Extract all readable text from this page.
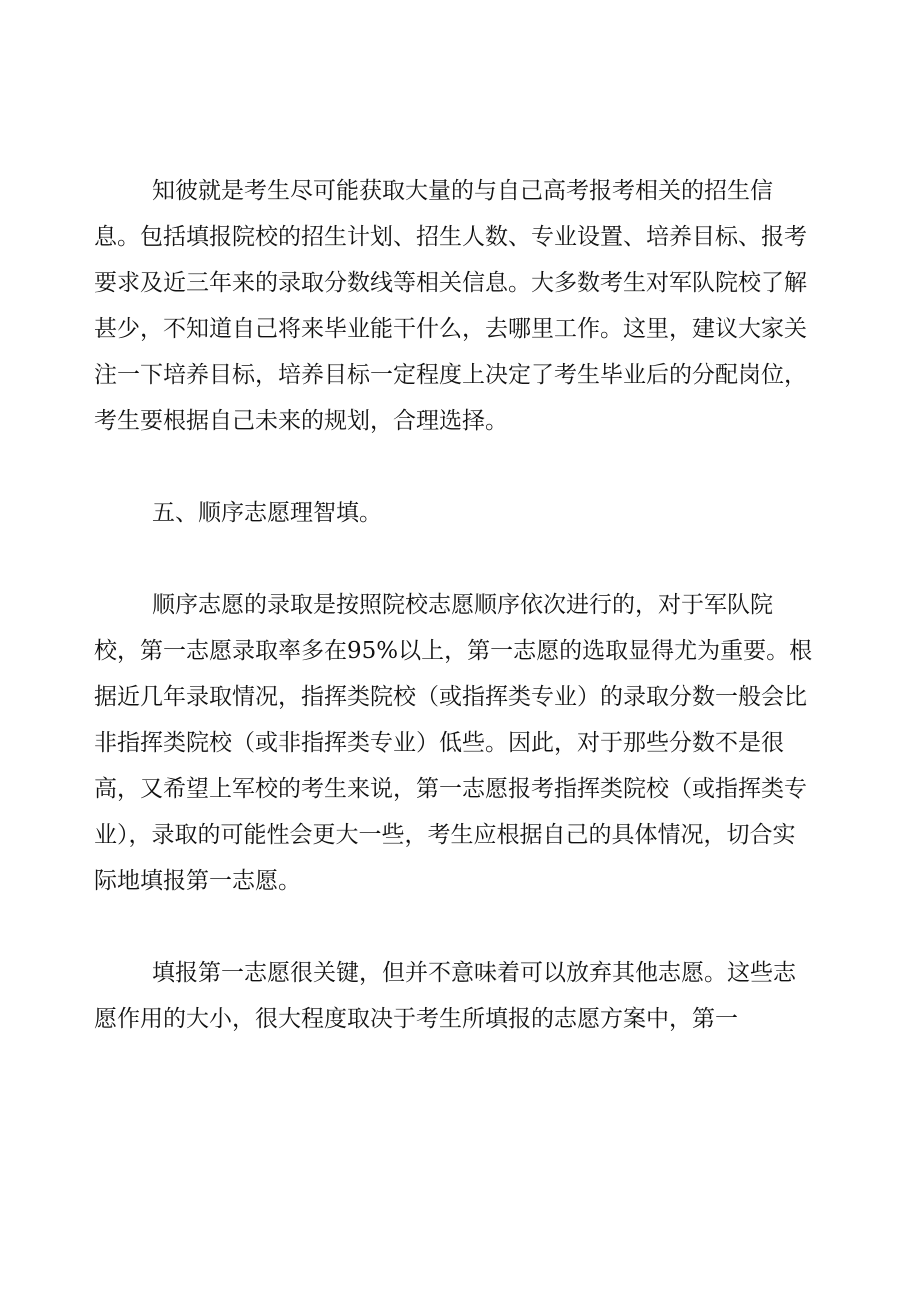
知彼就是考生尽可能获取大量的与自己高考报考相关的招生信
息。包括填报院校的招生计划、招生人数、专业设置、培养目标、报考
要求及近三年来的录取分数线等相关信息。大多数考生对军队院校了解
甚少，不知道自己将来毕业能干什么，去哪里工作。这里，建议大家关
注一下培养目标，培养目标一定程度上决定了考生毕业后的分配岗位，
考生要根据自己未来的规划，合理选择。
五、顺序志愿理智填。
顺序志愿的录取是按照院校志愿顺序依次进行的，对于军队院
校，第一志愿录取率多在95%以上，第一志愿的选取显得尤为重要。根
据近几年录取情况，指挥类院校（或指挥类专业）的录取分数一般会比
非指挥类院校（或非指挥类专业）低些。因此，对于那些分数不是很
高，又希望上军校的考生来说，第一志愿报考指挥类院校（或指挥类专
业），录取的可能性会更大一些，考生应根据自己的具体情况，切合实
际地填报第一志愿。
填报第一志愿很关键，但并不意味着可以放弃其他志愿。这些志
愿作用的大小，很大程度取决于考生所填报的志愿方案中，第一
